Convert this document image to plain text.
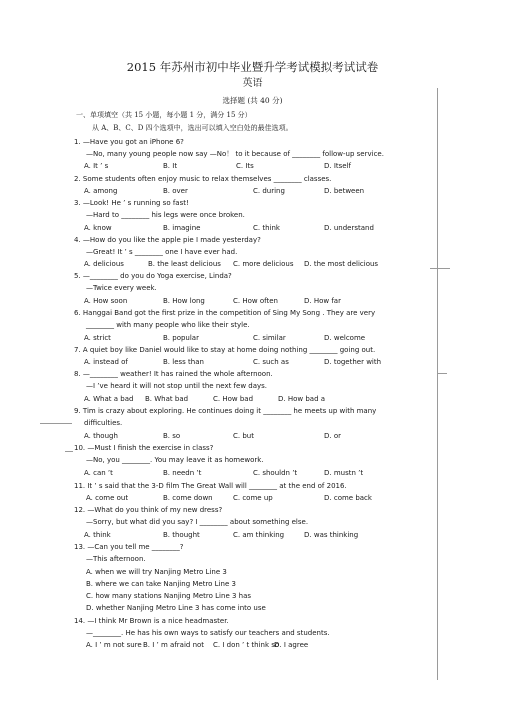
2015 年苏州市初中毕业暨升学考试模拟考试试卷
英语
选择题 (共 40 分)
一、单项填空（共 15 小题，每小题 1 分，满分 15 分）
从 A、B、C、D 四个选项中，选出可以填入空白处的最佳选项。
1. —Have you got an iPhone 6?
—No, many young people now say —No！ to it because of ________ follow-up service.
A. It ’ s	B. It	C. Its	D. Itself
2. Some students often enjoy music to relax themselves ________ classes.
A. among	B. over	C. during	D. between
3. —Look! He ’ s running so fast!
—Hard to ________ his legs were once broken.
A. know	B. imagine	C. think	D. understand
4. —How do you like the apple pie I made yesterday?
—Great! It ’ s ________ one I have ever had.
A. delicious	B. the least delicious C. more delicious D. the most delicious
5. —________ do you do Yoga exercise, Linda?
—Twice every week.
A. How soon	B. How long	C. How often	D. How far
6. Hanggai Band got the first prize in the competition of Sing My Song . They are very
________ with many people who like their style.
A. strict	B. popular	C. similar	D. welcome
7. A quiet boy like Daniel would like to stay at home doing nothing ________ going out.
A. instead of	B. less than	C. such as	D. together with
8. —________ weather! It has rained the whole afternoon.
—I ’ve heard it will not stop until the next few days.
A. What a bad B. What bad	C. How bad	D. How bad a
9. Tim is crazy about exploring. He continues doing it ________ he meets up with many
difficulties.
A. though	B. so	C. but	D. or
10. —Must I finish the exercise in class?
—No, you ________. You may leave it as homework.
A. can ’t	B. needn ’t	C. shouldn ’t	D. mustn ’t
11. It ’ s said that the 3-D film The Great Wall will ________ at the end of 2016.
A. come out	B. come down	C. come up	D. come back
12. —What do you think of my new dress?
—Sorry, but what did you say? I ________ about something else.
A. think	B. thought	C. am thinking	D. was thinking
13. —Can you tell me ________?
—This afternoon.
A. when we will try Nanjing Metro Line 3
B. where we can take Nanjing Metro Line 3
C. how many stations Nanjing Metro Line 3 has
D. whether Nanjing Metro Line 3 has come into use
14. —I think Mr Brown is a nice headmaster.
—________. He has his own ways to satisfy our teachers and students.
A. I ’ m not sure B. I ’ m afraid not C. I don ’ t think so
D. I agree
